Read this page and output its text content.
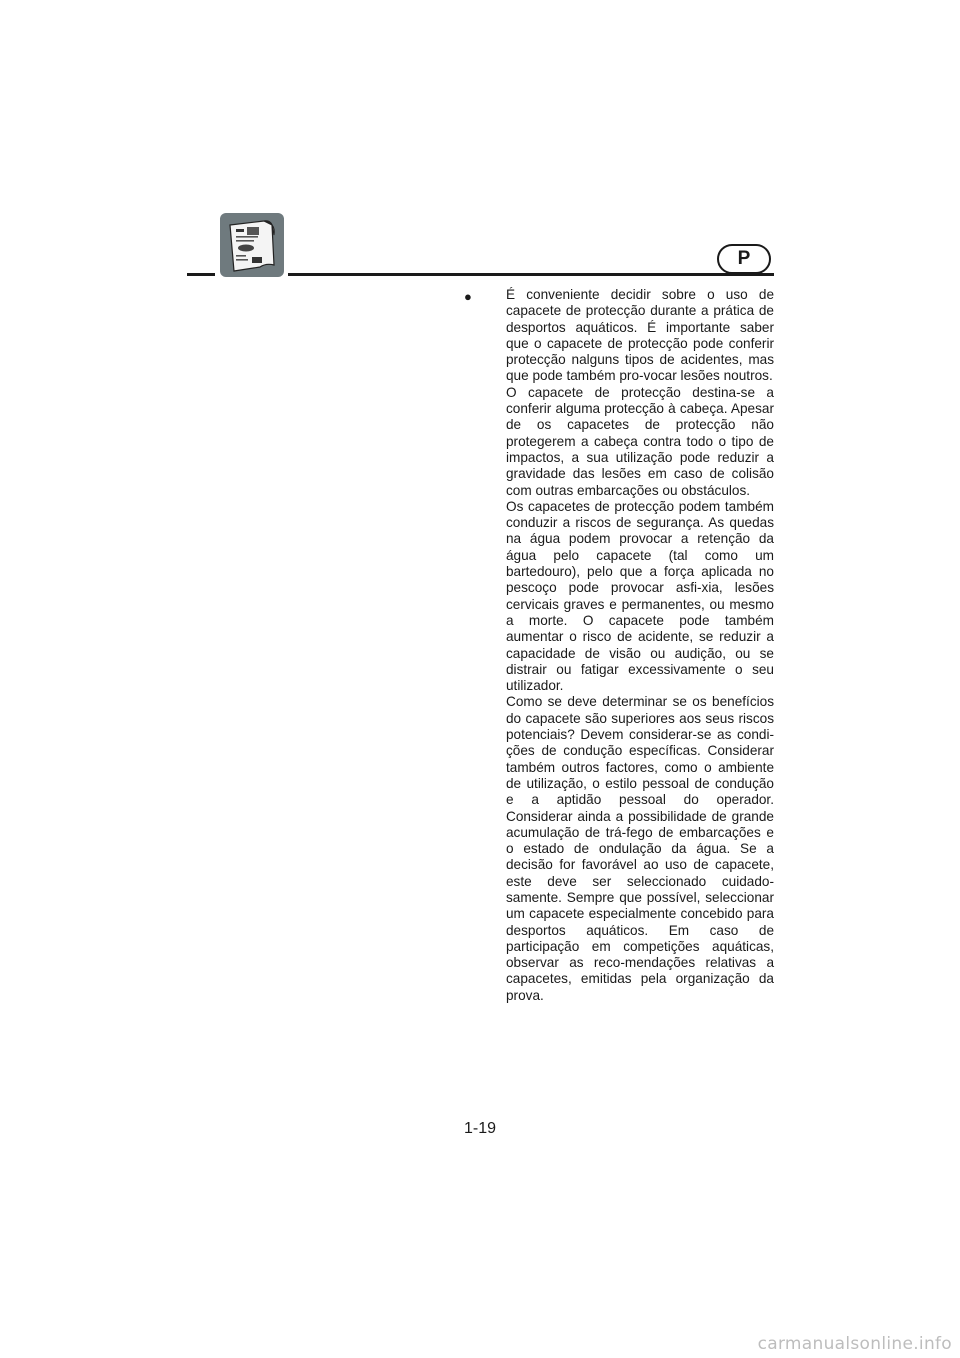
P
●	É conveniente decidir sobre o uso de capacete de protecção durante a prática de desportos aquáticos. É importante saber que o capacete de protecção pode conferir protecção nalguns tipos de acidentes, mas que pode também pro-vocar lesões noutros.

O capacete de protecção destina-se a conferir alguma protecção à cabeça. Apesar de os capacetes de protecção não protegerem a cabeça contra todo o tipo de impactos, a sua utilização pode reduzir a gravidade das lesões em caso de colisão com outras embarcações ou obstáculos.

Os capacetes de protecção podem também conduzir a riscos de segurança. As quedas na água podem provocar a retenção da água pelo capacete (tal como um bartedouro), pelo que a força aplicada no pescoço pode provocar asfi-xia, lesões cervicais graves e permanentes, ou mesmo a morte. O capacete pode também aumentar o risco de acidente, se reduzir a capacidade de visão ou audição, ou se distrair ou fatigar excessivamente o seu utilizador.

Como se deve determinar se os benefícios do capacete são superiores aos seus riscos potenciais? Devem considerar-se as condi-ções de condução específicas. Considerar também outros factores, como o ambiente de utilização, o estilo pessoal de condução e a aptidão pessoal do operador. Considerar ainda a possibilidade de grande acumulação de trá-fego de embarcações e o estado de ondulação da água. Se a decisão for favorável ao uso de capacete, este deve ser seleccionado cuidado-samente. Sempre que possível, seleccionar um capacete especialmente concebido para desportos aquáticos. Em caso de participação em competições aquáticas, observar as reco-mendações relativas a capacetes, emitidas pela organização da prova.

1-19
carmanualsonline.info
